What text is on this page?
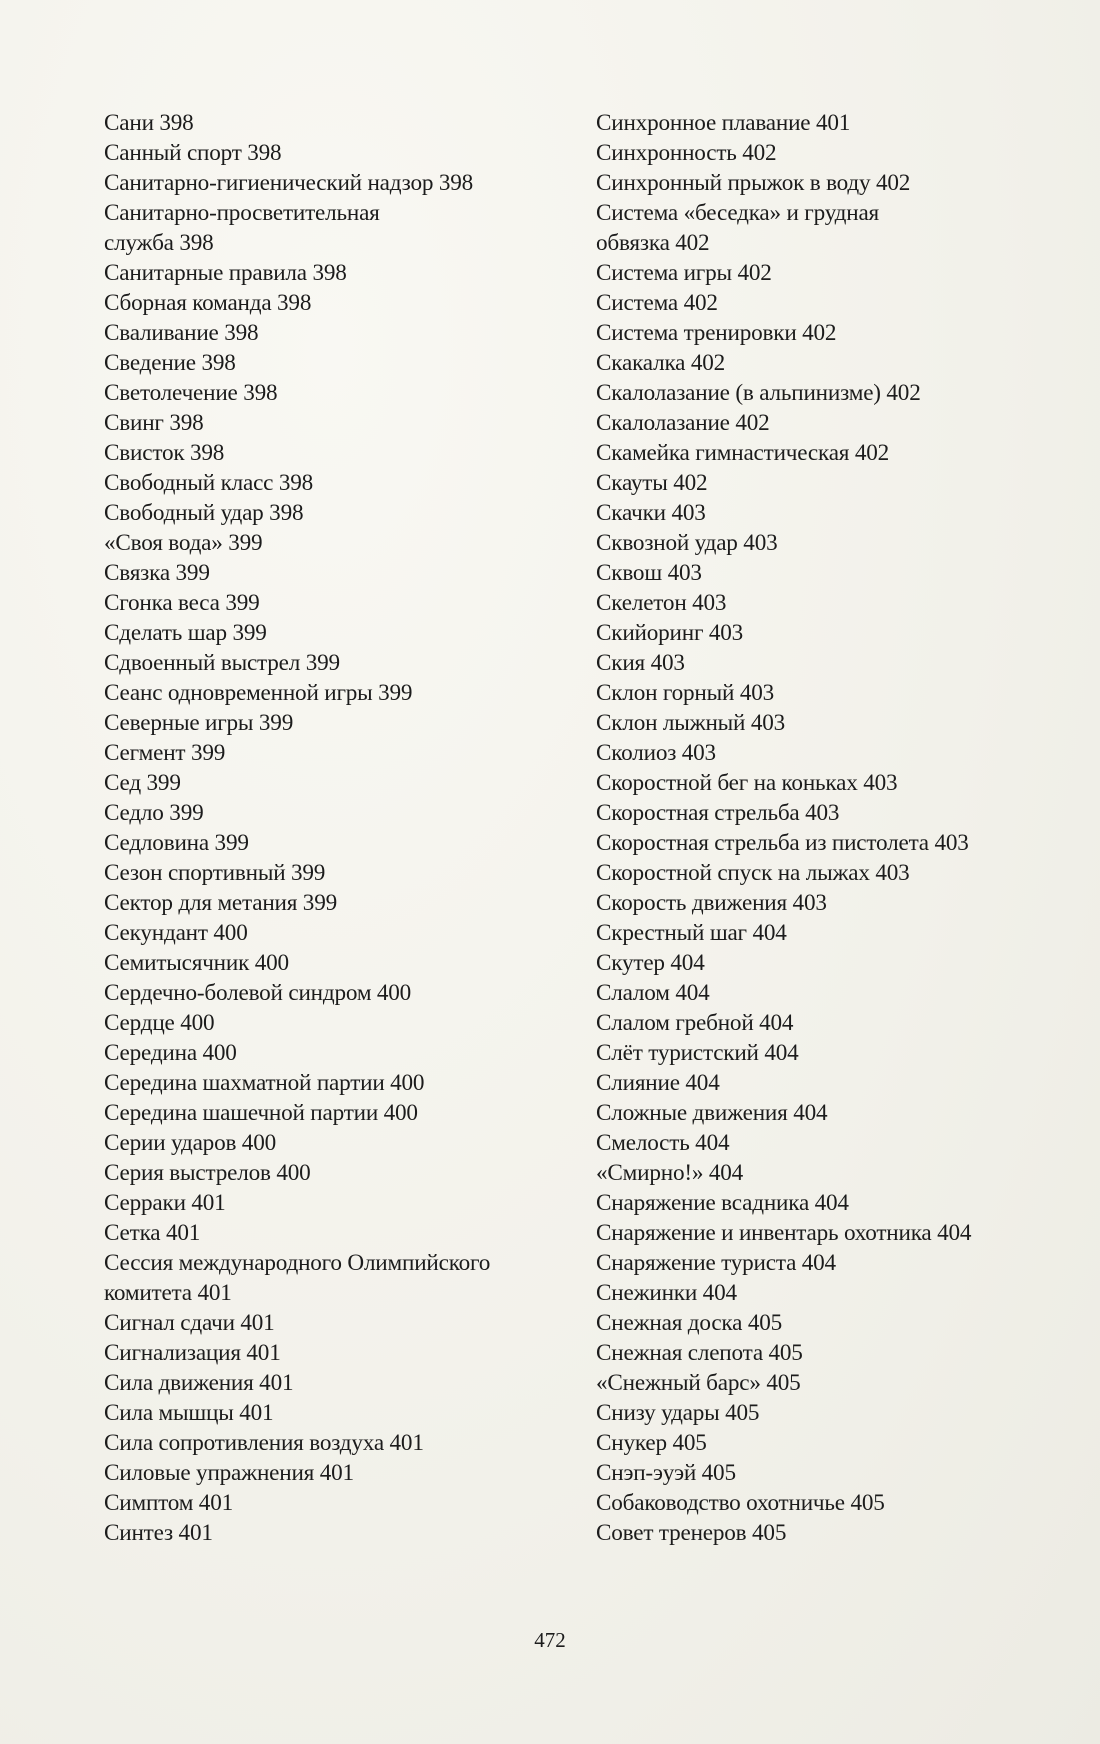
Сани 398
Санный спорт 398
Санитарно-гигиенический надзор 398
Санитарно-просветительная
служба 398
Санитарные правила 398
Сборная команда 398
Сваливание 398
Сведение 398
Светолечение 398
Свинг 398
Свисток 398
Свободный класс 398
Свободный удар 398
«Своя вода» 399
Связка 399
Сгонка веса 399
Сделать шар 399
Сдвоенный выстрел 399
Сеанс одновременной игры 399
Северные игры 399
Сегмент 399
Сед 399
Седло 399
Седловина 399
Сезон спортивный 399
Сектор для метания 399
Секундант 400
Семитысячник 400
Сердечно-болевой синдром 400
Сердце 400
Середина 400
Середина шахматной партии 400
Середина шашечной партии 400
Серии ударов 400
Серия выстрелов 400
Серраки 401
Сетка 401
Сессия международного Олимпийского
комитета 401
Сигнал сдачи 401
Сигнализация 401
Сила движения 401
Сила мышцы 401
Сила сопротивления воздуха 401
Силовые упражнения 401
Симптом 401
Синтез 401
Синхронное плавание 401
Синхронность 402
Синхронный прыжок в воду 402
Система «беседка» и грудная
обвязка 402
Система игры 402
Система 402
Система тренировки 402
Скакалка 402
Скалолазание (в альпинизме) 402
Скалолазание 402
Скамейка гимнастическая 402
Скауты 402
Скачки 403
Сквозной удар 403
Сквош 403
Скелетон 403
Скийоринг 403
Ския 403
Склон горный 403
Склон лыжный 403
Сколиоз 403
Скоростной бег на коньках 403
Скоростная стрельба 403
Скоростная стрельба из пистолета 403
Скоростной спуск на лыжах 403
Скорость движения 403
Скрестный шаг 404
Скутер 404
Слалом 404
Слалом гребной 404
Слёт туристский 404
Слияние 404
Сложные движения 404
Смелость 404
«Смирно!» 404
Снаряжение всадника 404
Снаряжение и инвентарь охотника 404
Снаряжение туриста 404
Снежинки 404
Снежная доска 405
Снежная слепота 405
«Снежный барс» 405
Снизу удары 405
Снукер 405
Снэп-эуэй 405
Собаководство охотничье 405
Совет тренеров 405
472
